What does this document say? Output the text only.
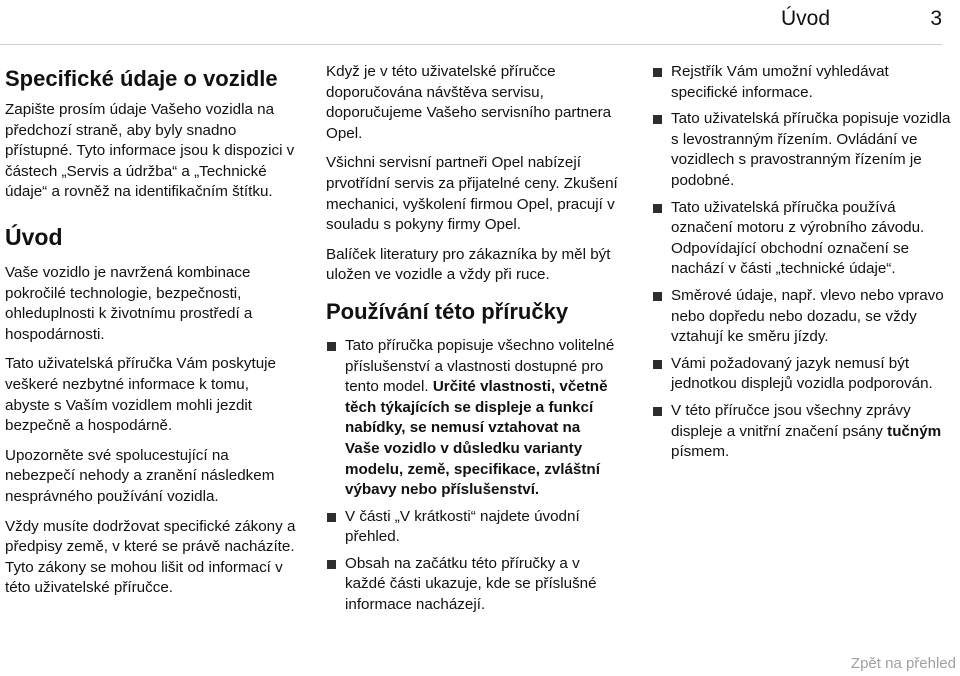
Úvod	3
Specifické údaje o vozidle

Zapište prosím údaje Vašeho vozidla na předchozí straně, aby byly snadno přístupné. Tyto informace jsou k dispozici v částech „Servis a údržba“ a „Technické údaje“ a rovněž na identifikačním štítku.

Úvod

Vaše vozidlo je navržená kombinace pokročilé technologie, bezpečnosti, ohleduplnosti k životnímu prostředí a hospodárnosti.

Tato uživatelská příručka Vám poskytuje veškeré nezbytné informace k tomu, abyste s Vaším vozidlem mohli jezdit bezpečně a hospodárně.

Upozorněte své spolucestující na nebezpečí nehody a zranění následkem nesprávného používání vozidla.

Vždy musíte dodržovat specifické zákony a předpisy země, v které se právě nacházíte. Tyto zákony se mohou lišit od informací v této uživatelské příručce.

Když je v této uživatelské příručce doporučována návštěva servisu, doporučujeme Vašeho servisního partnera Opel.

Všichni servisní partneři Opel nabízejí prvotřídní servis za přijatelné ceny. Zkušení mechanici, vyškolení firmou Opel, pracují v souladu s pokyny firmy Opel.

Balíček literatury pro zákazníka by měl být uložen ve vozidle a vždy při ruce.

Používání této příručky
Tato příručka popisuje všechno volitelné příslušenství a vlastnosti dostupné pro tento model. Určité vlastnosti, včetně těch týkajících se displeje a funkcí nabídky, se nemusí vztahovat na Vaše vozidlo v důsledku varianty modelu, země, specifikace, zvláštní výbavy nebo příslušenství.
V části „V krátkosti“ najdete úvodní přehled.
Obsah na začátku této příručky a v každé části ukazuje, kde se příslušné informace nacházejí.
Rejstřík Vám umožní vyhledávat specifické informace.
Tato uživatelská příručka popisuje vozidla s levostranným řízením. Ovládání ve vozidlech s pravostranným řízením je podobné.
Tato uživatelská příručka používá označení motoru z výrobního závodu. Odpovídající obchodní označení se nachází v části „technické údaje“.
Směrové údaje, např. vlevo nebo vpravo nebo dopředu nebo dozadu, se vždy vztahují ke směru jízdy.
Vámi požadovaný jazyk nemusí být jednotkou displejů vozidla podporován.
V této příručce jsou všechny zprávy displeje a vnitřní značení psány tučným písmem.
Zpět na přehled
